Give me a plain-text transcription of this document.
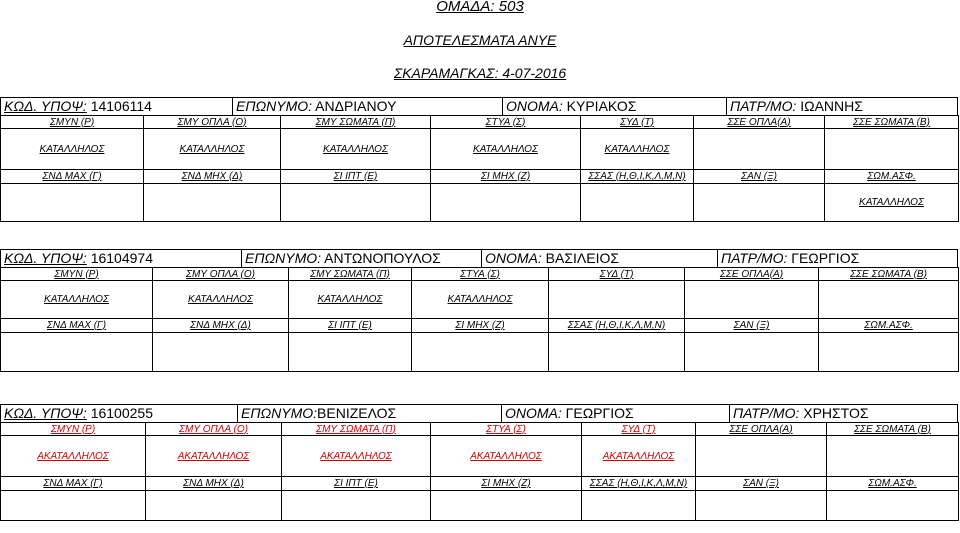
ΟΜΑΔΑ: 503
ΑΠΟΤΕΛΕΣΜΑΤΑ ΑΝΥΕ
ΣΚΑΡΑΜΑΓΚΑΣ: 4-07-2016
ΚΩΔ. ΥΠΟΨ: 14106114	ΕΠΩΝΥΜΟ: ΑΝΔΡΙΑΝΟΥ	ΟΝΟΜΑ: ΚΥΡΙΑΚΟΣ	ΠΑΤΡ/ΜΟ: ΙΩΑΝΝΗΣ
ΣΜΥΝ (Ρ)	ΣΜΥ ΟΠΛΑ (Ο)	ΣΜΥ ΣΩΜΑΤΑ (Π)	ΣΤΥΑ (Σ)	ΣΥΔ (Τ)	ΣΣΕ ΟΠΛΑ(Α)	ΣΣΕ ΣΩΜΑΤΑ (Β)
ΚΑΤΑΛΛΗΛΟΣ	ΚΑΤΑΛΛΗΛΟΣ	ΚΑΤΑΛΛΗΛΟΣ	ΚΑΤΑΛΛΗΛΟΣ	ΚΑΤΑΛΛΗΛΟΣ		
ΣΝΔ ΜΑΧ (Γ)	ΣΝΔ ΜΗΧ (Δ)	ΣΙ ΙΠΤ (Ε)	ΣΙ ΜΗΧ (Ζ)	ΣΣΑΣ (Η,Θ,Ι,Κ,Λ,Μ,Ν)	ΣΑΝ (Ξ)	ΣΩΜ.ΑΣΦ.
						ΚΑΤΑΛΛΗΛΟΣ
ΚΩΔ. ΥΠΟΨ: 16104974	ΕΠΩΝΥΜΟ: ΑΝΤΩΝΟΠΟΥΛΟΣ	ΟΝΟΜΑ: ΒΑΣΙΛΕΙΟΣ	ΠΑΤΡ/ΜΟ: ΓΕΩΡΓΙΟΣ
ΣΜΥΝ (Ρ)	ΣΜΥ ΟΠΛΑ (Ο)	ΣΜΥ ΣΩΜΑΤΑ (Π)	ΣΤΥΑ (Σ)	ΣΥΔ (Τ)	ΣΣΕ ΟΠΛΑ(Α)	ΣΣΕ ΣΩΜΑΤΑ (Β)
ΚΑΤΑΛΛΗΛΟΣ	ΚΑΤΑΛΛΗΛΟΣ	ΚΑΤΑΛΛΗΛΟΣ	ΚΑΤΑΛΛΗΛΟΣ			
ΣΝΔ ΜΑΧ (Γ)	ΣΝΔ ΜΗΧ (Δ)	ΣΙ ΙΠΤ (Ε)	ΣΙ ΜΗΧ (Ζ)	ΣΣΑΣ (Η,Θ,Ι,Κ,Λ,Μ,Ν)	ΣΑΝ (Ξ)	ΣΩΜ.ΑΣΦ.

ΚΩΔ. ΥΠΟΨ: 16100255	ΕΠΩΝΥΜΟ:ΒΕΝΙΖΕΛΟΣ	ΟΝΟΜΑ: ΓΕΩΡΓΙΟΣ	ΠΑΤΡ/ΜΟ: ΧΡΗΣΤΟΣ
ΣΜΥΝ (Ρ)	ΣΜΥ ΟΠΛΑ (Ο)	ΣΜΥ ΣΩΜΑΤΑ (Π)	ΣΤΥΑ (Σ)	ΣΥΔ (Τ)	ΣΣΕ ΟΠΛΑ(Α)	ΣΣΕ ΣΩΜΑΤΑ (Β)
ΑΚΑΤΑΛΛΗΛΟΣ	ΑΚΑΤΑΛΛΗΛΟΣ	ΑΚΑΤΑΛΛΗΛΟΣ	ΑΚΑΤΑΛΛΗΛΟΣ	ΑΚΑΤΑΛΛΗΛΟΣ		
ΣΝΔ ΜΑΧ (Γ)	ΣΝΔ ΜΗΧ (Δ)	ΣΙ ΙΠΤ (Ε)	ΣΙ ΜΗΧ (Ζ)	ΣΣΑΣ (Η,Θ,Ι,Κ,Λ,Μ,Ν)	ΣΑΝ (Ξ)	ΣΩΜ.ΑΣΦ.
